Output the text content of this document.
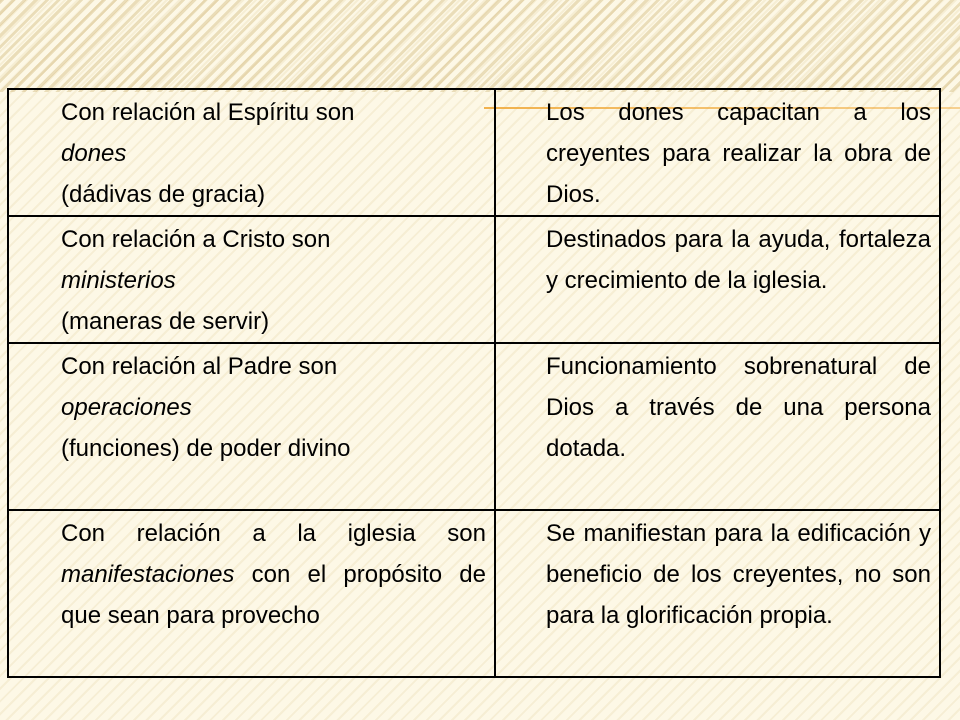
Con relación al Espíritu son
dones
(dádivas de gracia)	Los dones capacitan a los creyentes para realizar la obra de Dios.

Con relación a Cristo son
ministerios
(maneras de servir)	Destinados para la ayuda, fortaleza y crecimiento de la iglesia.

Con relación al Padre son
operaciones
(funciones) de poder divino	Funcionamiento sobrenatural de Dios a través de una persona dotada.
Con relación a la iglesia son manifestaciones con el propósito de que sean para provecho	Se manifiestan para la edificación y beneficio de los creyentes, no son para la glorificación propia.
